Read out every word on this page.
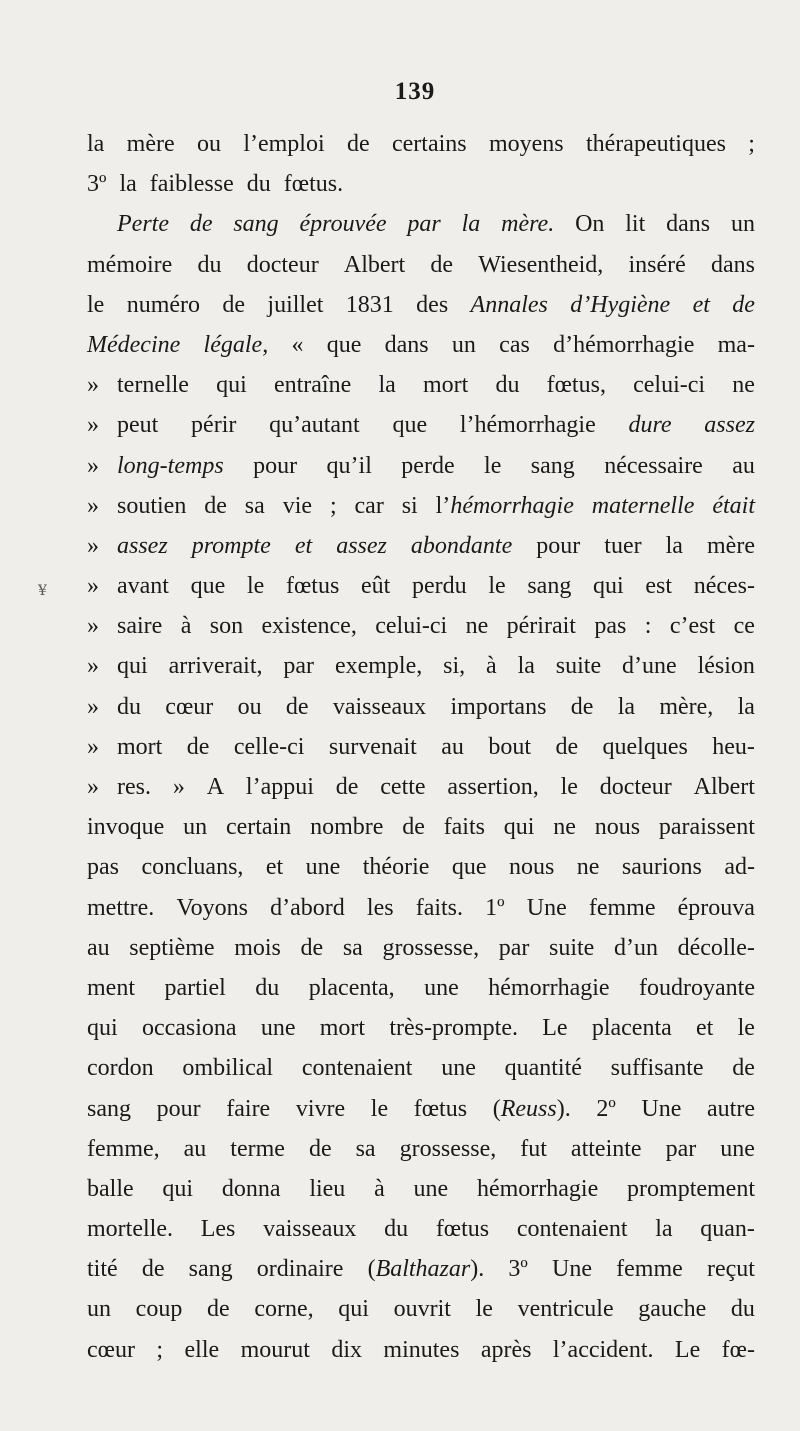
139
¥
la mère ou l’emploi de certains moyens thérapeutiques ;
3º la faiblesse du fœtus.
Perte de sang éprouvée par la mère. On lit dans un
mémoire du docteur Albert de Wiesentheid, inséré dans
le numéro de juillet 1831 des Annales d’Hygiène et de
Médecine légale, « que dans un cas d’hémorrhagie ma-
» ternelle qui entraîne la mort du fœtus, celui-ci ne
» peut périr qu’autant que l’hémorrhagie dure assez
» long-temps pour qu’il perde le sang nécessaire au
» soutien de sa vie ; car si l’hémorrhagie maternelle était
» assez prompte et assez abondante pour tuer la mère
» avant que le fœtus eût perdu le sang qui est néces-
» saire à son existence, celui-ci ne périrait pas : c’est ce
» qui arriverait, par exemple, si, à la suite d’une lésion
» du cœur ou de vaisseaux importans de la mère, la
» mort de celle-ci survenait au bout de quelques heu-
» res. » A l’appui de cette assertion, le docteur Albert
invoque un certain nombre de faits qui ne nous paraissent
pas concluans, et une théorie que nous ne saurions ad-
mettre. Voyons d’abord les faits. 1º Une femme éprouva
au septième mois de sa grossesse, par suite d’un décolle-
ment partiel du placenta, une hémorrhagie foudroyante
qui occasiona une mort très-prompte. Le placenta et le
cordon ombilical contenaient une quantité suffisante de
sang pour faire vivre le fœtus (Reuss). 2º Une autre
femme, au terme de sa grossesse, fut atteinte par une
balle qui donna lieu à une hémorrhagie promptement
mortelle. Les vaisseaux du fœtus contenaient la quan-
tité de sang ordinaire (Balthazar). 3º Une femme reçut
un coup de corne, qui ouvrit le ventricule gauche du
cœur ; elle mourut dix minutes après l’accident. Le fœ-
